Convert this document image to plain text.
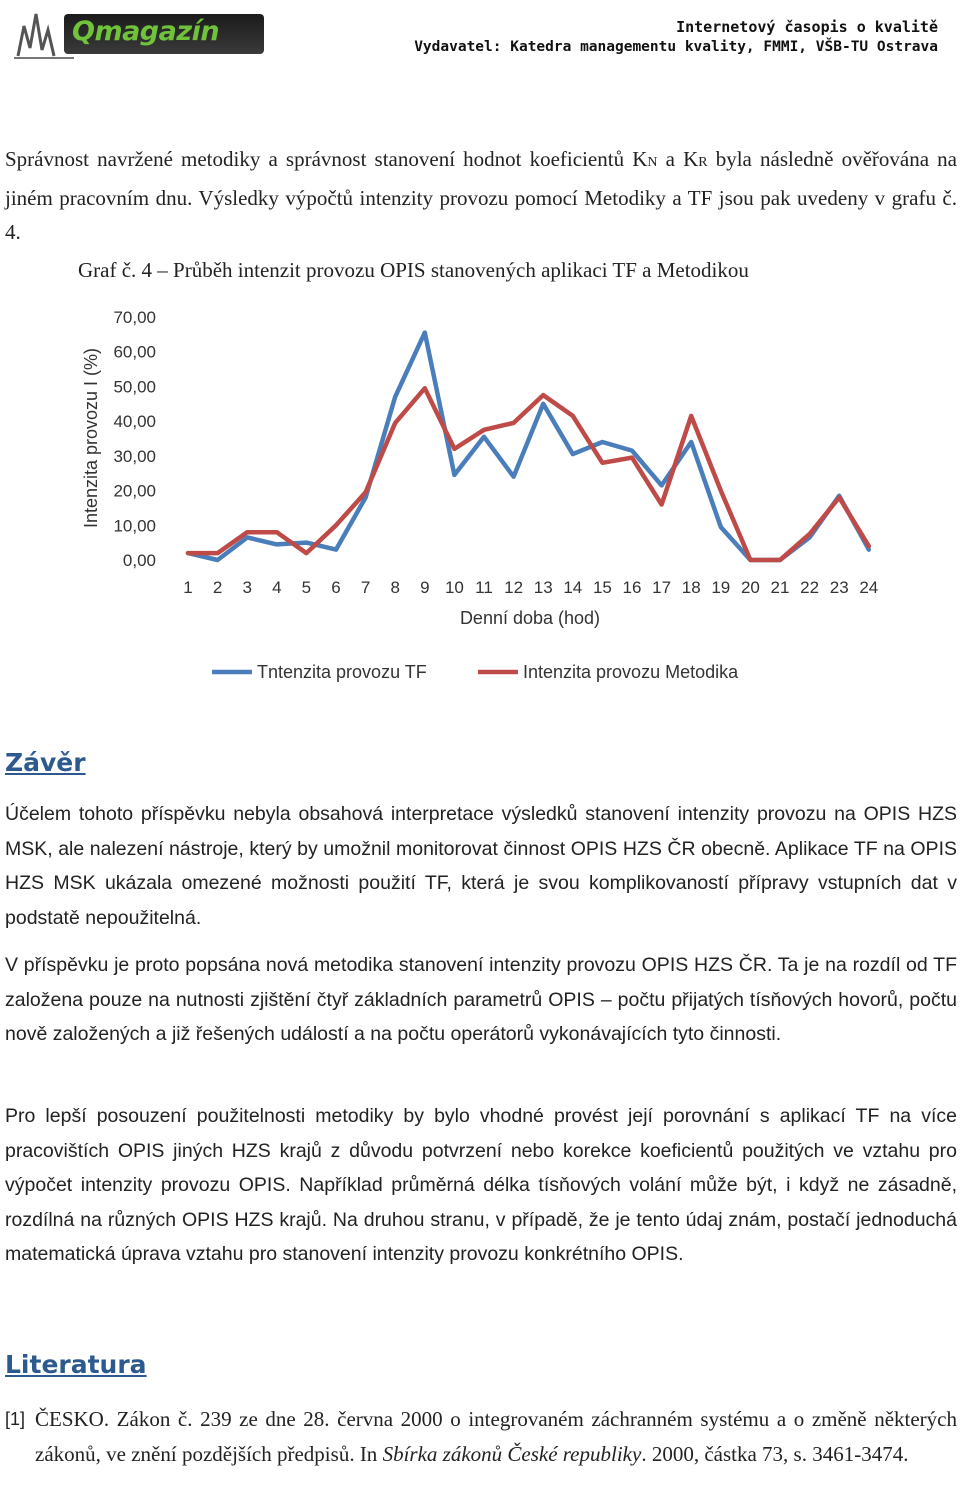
Qmagazín	Internetový časopis o kvalitě
Vydavatel: Katedra managementu kvality, FMMI, VŠB-TU Ostrava

Správnost navržené metodiky a správnost stanovení hodnot koeficientů KN a KR byla následně ověřována na jiném pracovním dnu. Výsledky výpočtů intenzity provozu pomocí Metodiky a TF jsou pak uvedeny v grafu č. 4.

Graf č. 4 – Průběh intenzit provozu OPIS stanovených aplikaci TF a Metodikou
0,00
10,00
20,00
30,00
40,00
50,00
60,00
70,00
1 2 3 4 5 6 7 8 9 10 11 12 13 14 15 16 17 18 19 20 21 22 23 24
Denní doba (hod)
Intenzita provozu I (%)
Tntenzita provozu TF	Intenzita provozu Metodika
Závěr

Účelem tohoto příspěvku nebyla obsahová interpretace výsledků stanovení intenzity provozu na OPIS HZS MSK, ale nalezení nástroje, který by umožnil monitorovat činnost OPIS HZS ČR obecně. Aplikace TF na OPIS HZS MSK ukázala omezené možnosti použití TF, která je svou komplikovaností přípravy vstupních dat v podstatě nepoužitelná.

V příspěvku je proto popsána nová metodika stanovení intenzity provozu OPIS HZS ČR. Ta je na rozdíl od TF založena pouze na nutnosti zjištění čtyř základních parametrů OPIS – počtu přijatých tísňových hovorů, počtu nově založených a již řešených událostí a na počtu operátorů vykonávajících tyto činnosti.

Pro lepší posouzení použitelnosti metodiky by bylo vhodné provést její porovnání s aplikací TF na více pracovištích OPIS jiných HZS krajů z důvodu potvrzení nebo korekce koeficientů použitých ve vztahu pro výpočet intenzity provozu OPIS. Například průměrná délka tísňových volání může být, i když ne zásadně, rozdílná na různých OPIS HZS krajů. Na druhou stranu, v případě, že je tento údaj znám, postačí jednoduchá matematická úprava vztahu pro stanovení intenzity provozu konkrétního OPIS.

Literatura
[1] ČESKO. Zákon č. 239 ze dne 28. června 2000 o integrovaném záchranném systému a o změně některých zákonů, ve znění pozdějších předpisů. In Sbírka zákonů České republiky. 2000, částka 73, s. 3461-3474.
